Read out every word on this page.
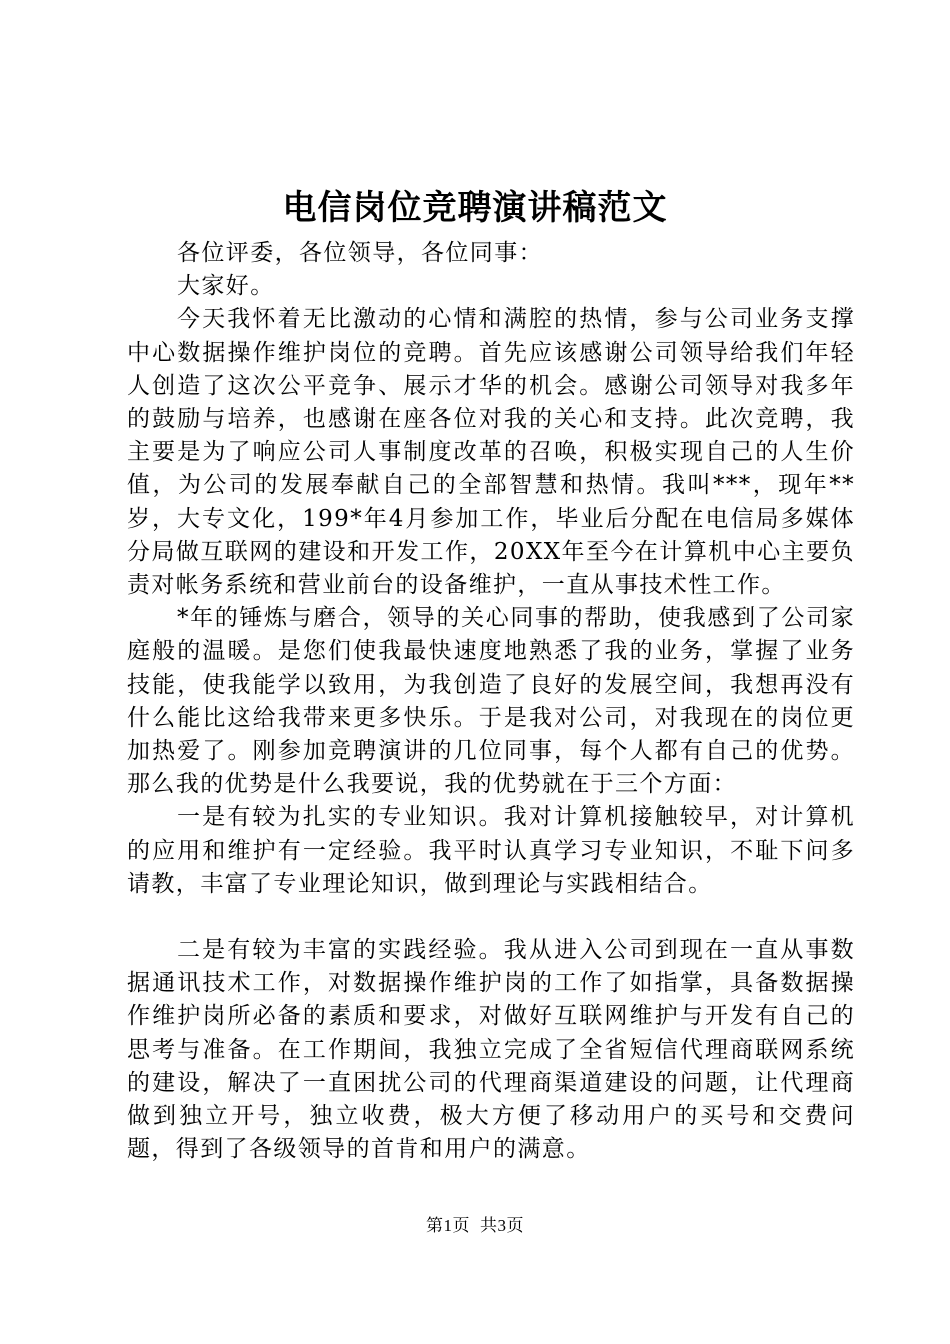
电信岗位竞聘演讲稿范文

各位评委，各位领导，各位同事：

大家好。

今天我怀着无比激动的心情和满腔的热情，参与公司业务支撑中心数据操作维护岗位的竞聘。首先应该感谢公司领导给我们年轻人创造了这次公平竞争、展示才华的机会。感谢公司领导对我多年的鼓励与培养，也感谢在座各位对我的关心和支持。此次竞聘，我主要是为了响应公司人事制度改革的召唤，积极实现自己的人生价值，为公司的发展奉献自己的全部智慧和热情。我叫***，现年**岁，大专文化，199*年4月参加工作，毕业后分配在电信局多媒体分局做互联网的建设和开发工作，20XX年至今在计算机中心主要负责对帐务系统和营业前台的设备维护，一直从事技术性工作。

*年的锤炼与磨合，领导的关心同事的帮助，使我感到了公司家庭般的温暖。是您们使我最快速度地熟悉了我的业务，掌握了业务技能，使我能学以致用，为我创造了良好的发展空间，我想再没有什么能比这给我带来更多快乐。于是我对公司，对我现在的岗位更加热爱了。刚参加竞聘演讲的几位同事，每个人都有自己的优势。那么我的优势是什么我要说，我的优势就在于三个方面：

一是有较为扎实的专业知识。我对计算机接触较早，对计算机的应用和维护有一定经验。我平时认真学习专业知识，不耻下问多请教，丰富了专业理论知识，做到理论与实践相结合。

二是有较为丰富的实践经验。我从进入公司到现在一直从事数据通讯技术工作，对数据操作维护岗的工作了如指掌，具备数据操作维护岗所必备的素质和要求，对做好互联网维护与开发有自己的思考与准备。在工作期间，我独立完成了全省短信代理商联网系统的建设，解决了一直困扰公司的代理商渠道建设的问题，让代理商做到独立开号，独立收费，极大方便了移动用户的买号和交费问题，得到了各级领导的首肯和用户的满意。

第1页 共3页
